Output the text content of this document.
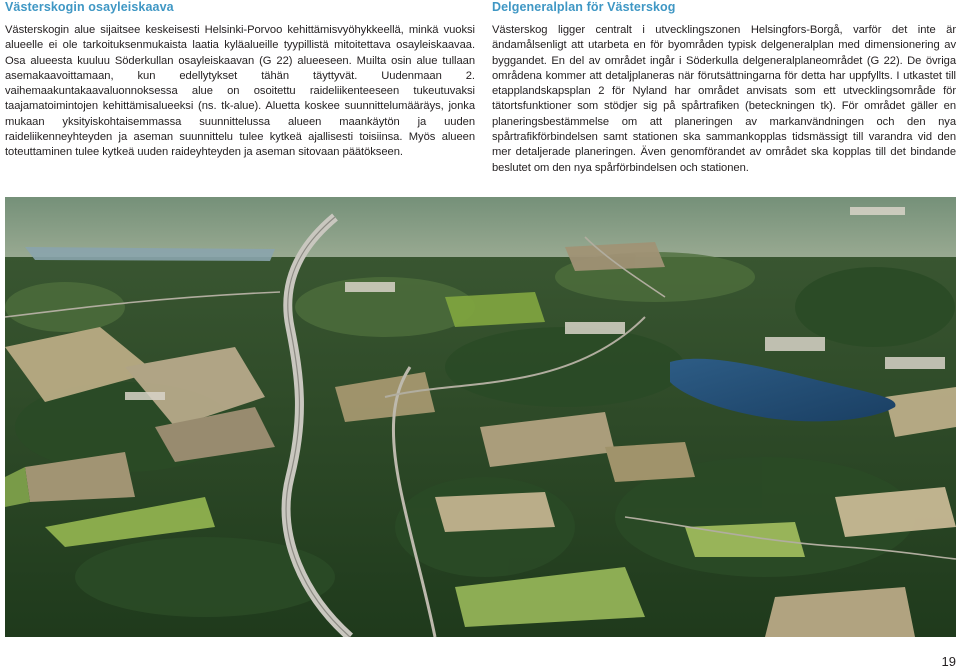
Västerskogin osayleiskaava

Västerskogin alue sijaitsee keskeisesti Helsinki-Porvoo kehittämisvyöhykkeellä, minkä vuoksi alueelle ei ole tarkoituksenmukaista laatia kyläalueille tyypillistä mitoitettava osayleiskaavaa. Osa alueesta kuuluu Söderkullan osayleiskaavan (G 22) alueeseen. Muilta osin alue tullaan asemakaavoittamaan, kun edellytykset tähän täyttyvät. Uudenmaan 2. vaihemaakuntakaavaluonnoksessa alue on osoitettu raideliikenteeseen tukeutuvaksi taajamatoimintojen kehittämisalueeksi (ns. tk-alue). Aluetta koskee suunnittelumääräys, jonka mukaan yksityiskohtaisemmassa suunnittelussa alueen maankäytön ja uuden raideliikenneyhteyden ja aseman suunnittelu tulee kytkeä ajallisesti toisiinsa. Myös alueen toteuttaminen tulee kytkeä uuden raideyhteyden ja aseman sitovaan päätökseen.

Delgeneralplan för Västerskog

Västerskog ligger centralt i utvecklingszonen Helsingfors-Borgå, varför det inte är ändamålsenligt att utarbeta en för byområden typisk delgeneralplan med dimensionering av byggandet. En del av området ingår i Söderkulla delgeneralplaneområdet (G 22). De övriga områdena kommer att detaljplaneras när förutsättningarna för detta har uppfyllts. I utkastet till etapplandskapsplan 2 för Nyland har området anvisats som ett utvecklingsområde för tätortsfunktioner som stödjer sig på spårtrafiken (beteckningen tk). För området gäller en planeringsbestämmelse om att planeringen av markanvändningen och den nya spårtrafikförbindelsen samt stationen ska sammankopplas tidsmässigt till varandra vid den mer detaljerade planeringen. Även genomförandet av området ska kopplas till det bindande beslutet om den nya spårförbindelsen och stationen.

19
